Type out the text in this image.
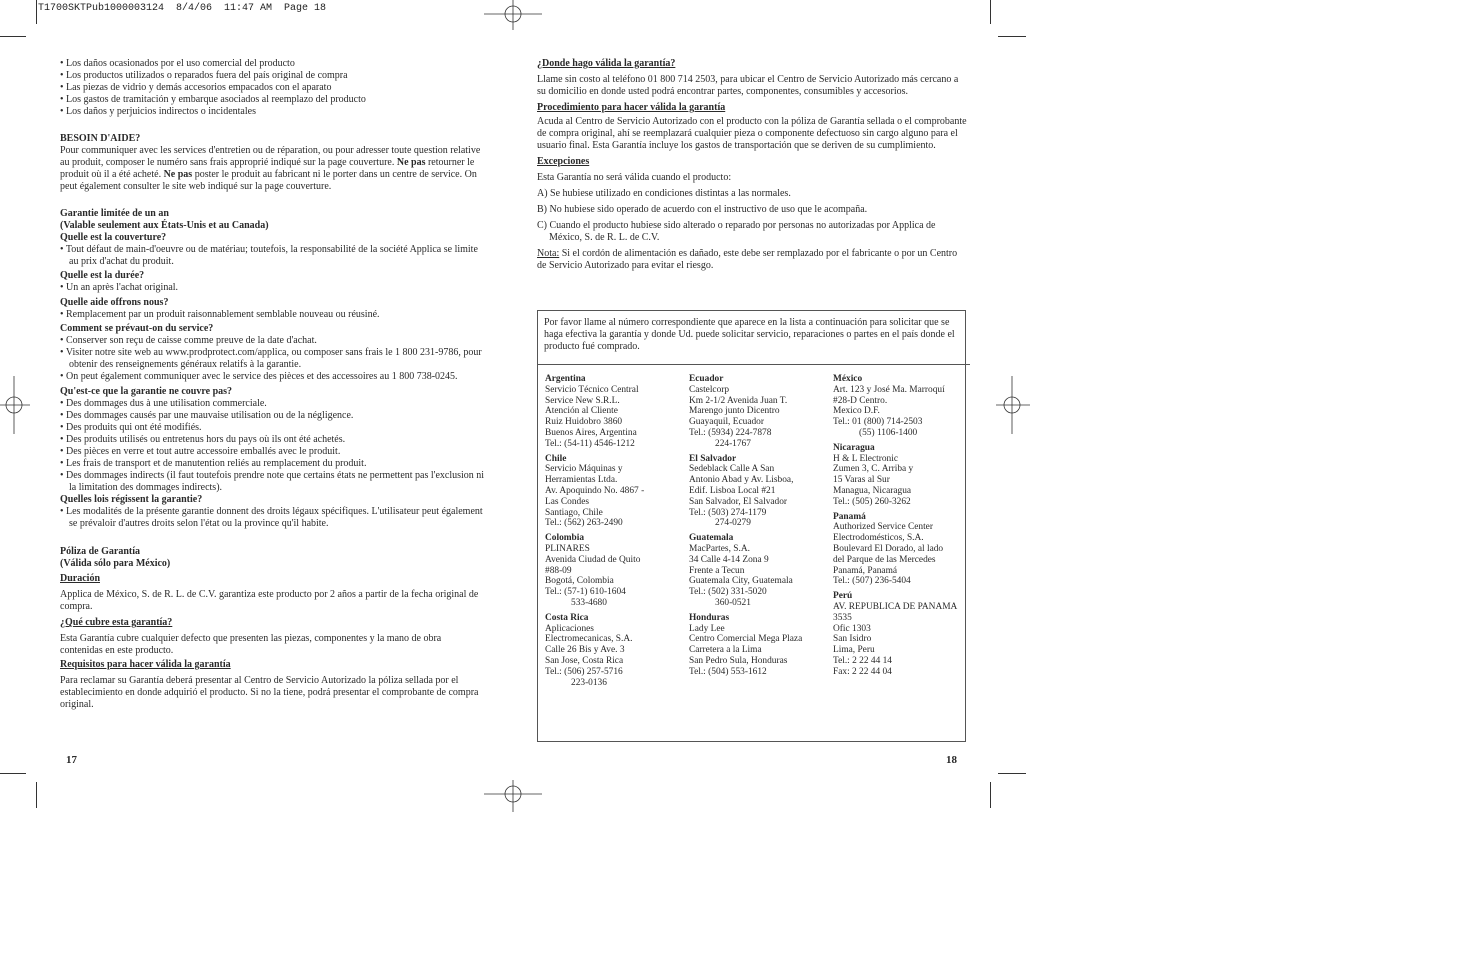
T1700SKTPub1000003124  8/4/06  11:47 AM  Page 18
• Los daños ocasionados por el uso comercial del producto
• Los productos utilizados o reparados fuera del país original de compra
• Las piezas de vidrio y demás accesorios empacados con el aparato
• Los gastos de tramitación y embarque asociados al reemplazo del producto
• Los daños y perjuicios indirectos o incidentales

BESOIN D'AIDE?

Pour communiquer avec les services d'entretien ou de réparation, ou pour adresser toute question relative au produit, composer le numéro sans frais approprié indiqué sur la page couverture. Ne pas retourner le produit où il a été acheté. Ne pas poster le produit au fabricant ni le porter dans un centre de service. On peut également consulter le site web indiqué sur la page couverture.

Garantie limitée de un an

(Valable seulement aux États-Unis et au Canada)

Quelle est la couverture?

• Tout défaut de main-d'oeuvre ou de matériau; toutefois, la responsabilité de la société Applica se limite au prix d'achat du produit.

Quelle est la durée?

• Un an après l'achat original.

Quelle aide offrons nous?

• Remplacement par un produit raisonnablement semblable nouveau ou réusiné.

Comment se prévaut-on du service?

• Conserver son reçu de caisse comme preuve de la date d'achat.
• Visiter notre site web au www.prodprotect.com/applica, ou composer sans frais le 1 800 231-9786, pour obtenir des renseignements généraux relatifs à la garantie.
• On peut également communiquer avec le service des pièces et des accessoires au 1 800 738-0245.

Qu'est-ce que la garantie ne couvre pas?

• Des dommages dus à une utilisation commerciale.
• Des dommages causés par une mauvaise utilisation ou de la négligence.
• Des produits qui ont été modifiés.
• Des produits utilisés ou entretenus hors du pays où ils ont été achetés.
• Des pièces en verre et tout autre accessoire emballés avec le produit.
• Les frais de transport et de manutention reliés au remplacement du produit.
• Des dommages indirects (il faut toutefois prendre note que certains états ne permettent pas l'exclusion ni la limitation des dommages indirects).

Quelles lois régissent la garantie?

• Les modalités de la présente garantie donnent des droits légaux spécifiques. L'utilisateur peut également se prévaloir d'autres droits selon l'état ou la province qu'il habite.

Póliza de Garantía

(Válida sólo para México)

Duración

Applica de México, S. de R. L. de C.V. garantiza este producto por 2 años a partir de la fecha original de compra.

¿Qué cubre esta garantía?

Esta Garantía cubre cualquier defecto que presenten las piezas, componentes y la mano de obra contenidas en este producto.

Requisitos para hacer válida la garantía

Para reclamar su Garantía deberá presentar al Centro de Servicio Autorizado la póliza sellada por el establecimiento en donde adquirió el producto. Si no la tiene, podrá presentar el comprobante de compra original.

17

¿Donde hago válida la garantía?

Llame sin costo al teléfono 01 800 714 2503, para ubicar el Centro de Servicio Autorizado más cercano a su domicilio en donde usted podrá encontrar partes, componentes, consumibles y accesorios.

Procedimiento para hacer válida la garantía

Acuda al Centro de Servicio Autorizado con el producto con la póliza de Garantía sellada o el comprobante de compra original, ahí se reemplazará cualquier pieza o componente defectuoso sin cargo alguno para el usuario final. Esta Garantía incluye los gastos de transportación que se deriven de su cumplimiento.

Excepciones

Esta Garantía no será válida cuando el producto:

A) Se hubiese utilizado en condiciones distintas a las normales.

B) No hubiese sido operado de acuerdo con el instructivo de uso que le acompaña.

C) Cuando el producto hubiese sido alterado o reparado por personas no autorizadas por Applica de México, S. de R. L. de C.V.

Nota: Si el cordón de alimentación es dañado, este debe ser remplazado por el fabricante o por un Centro de Servicio Autorizado para evitar el riesgo.

Por favor llame al número correspondiente que aparece en la lista a continuación para solicitar que se haga efectiva la garantía y donde Ud. puede solicitar servicio, reparaciones o partes en el país donde el producto fué comprado.
Argentina
Servicio Técnico Central
Service New S.R.L.
Atención al Cliente
Ruiz Huidobro 3860
Buenos Aires, Argentina
Tel.: (54-11) 4546-1212
Chile
Servicio Máquinas y
Herramientas Ltda.
Av. Apoquindo No. 4867 -
Las Condes
Santiago, Chile
Tel.: (562) 263-2490
Colombia
PLINARES
Avenida Ciudad de Quito
#88-09
Bogotá, Colombia
Tel.: (57-1) 610-1604
533-4680
Costa Rica
Aplicaciones
Electromecanicas, S.A.
Calle 26 Bis y Ave. 3
San Jose, Costa Rica
Tel.: (506) 257-5716
223-0136
Ecuador
Castelcorp
Km 2-1/2 Avenida Juan T.
Marengo junto Dicentro
Guayaquil, Ecuador
Tel.: (5934) 224-7878
224-1767
El Salvador
Sedeblack Calle A San
Antonio Abad y Av. Lisboa,
Edif. Lisboa Local #21
San Salvador, El Salvador
Tel.: (503) 274-1179
274-0279
Guatemala
MacPartes, S.A.
34 Calle 4-14 Zona 9
Frente a Tecun
Guatemala City, Guatemala
Tel.: (502) 331-5020
360-0521
Honduras
Lady Lee
Centro Comercial Mega Plaza
Carretera a la Lima
San Pedro Sula, Honduras
Tel.: (504) 553-1612
México
Art. 123 y José Ma. Marroquí
#28-D Centro.
Mexico D.F.
Tel.: 01 (800) 714-2503
(55) 1106-1400
Nicaragua
H & L Electronic
Zumen 3, C. Arriba y
15 Varas al Sur
Managua, Nicaragua
Tel.: (505) 260-3262
Panamá
Authorized Service Center
Electrodomésticos, S.A.
Boulevard El Dorado, al lado
del Parque de las Mercedes
Panamá, Panamá
Tel.: (507) 236-5404
Perú
AV. REPUBLICA DE PANAMA
3535
Ofic 1303
San Isidro
Lima, Peru
Tel.: 2 22 44 14
Fax: 2 22 44 04
18
